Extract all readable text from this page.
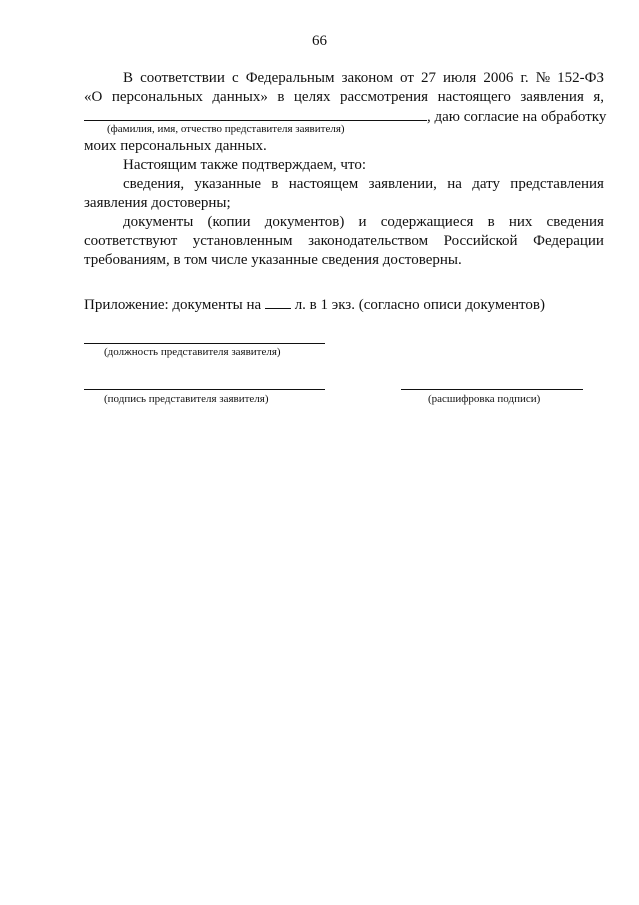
66
В соответствии с Федеральным законом от 27 июля 2006 г. № 152-ФЗ
«О персональных данных» в целях рассмотрения настоящего заявления я,
, даю согласие на обработку
(фамилия, имя, отчество представителя заявителя)
моих персональных данных.
Настоящим также подтверждаем, что:
сведения, указанные в настоящем заявлении, на дату представления
заявления достоверны;
документы (копии документов) и содержащиеся в них сведения
соответствуют установленным законодательством Российской Федерации
требованиям, в том числе указанные сведения достоверны.
Приложение: документы на  л. в 1 экз. (согласно описи документов)
(должность представителя заявителя)
(подпись представителя заявителя)	(расшифровка подписи)
